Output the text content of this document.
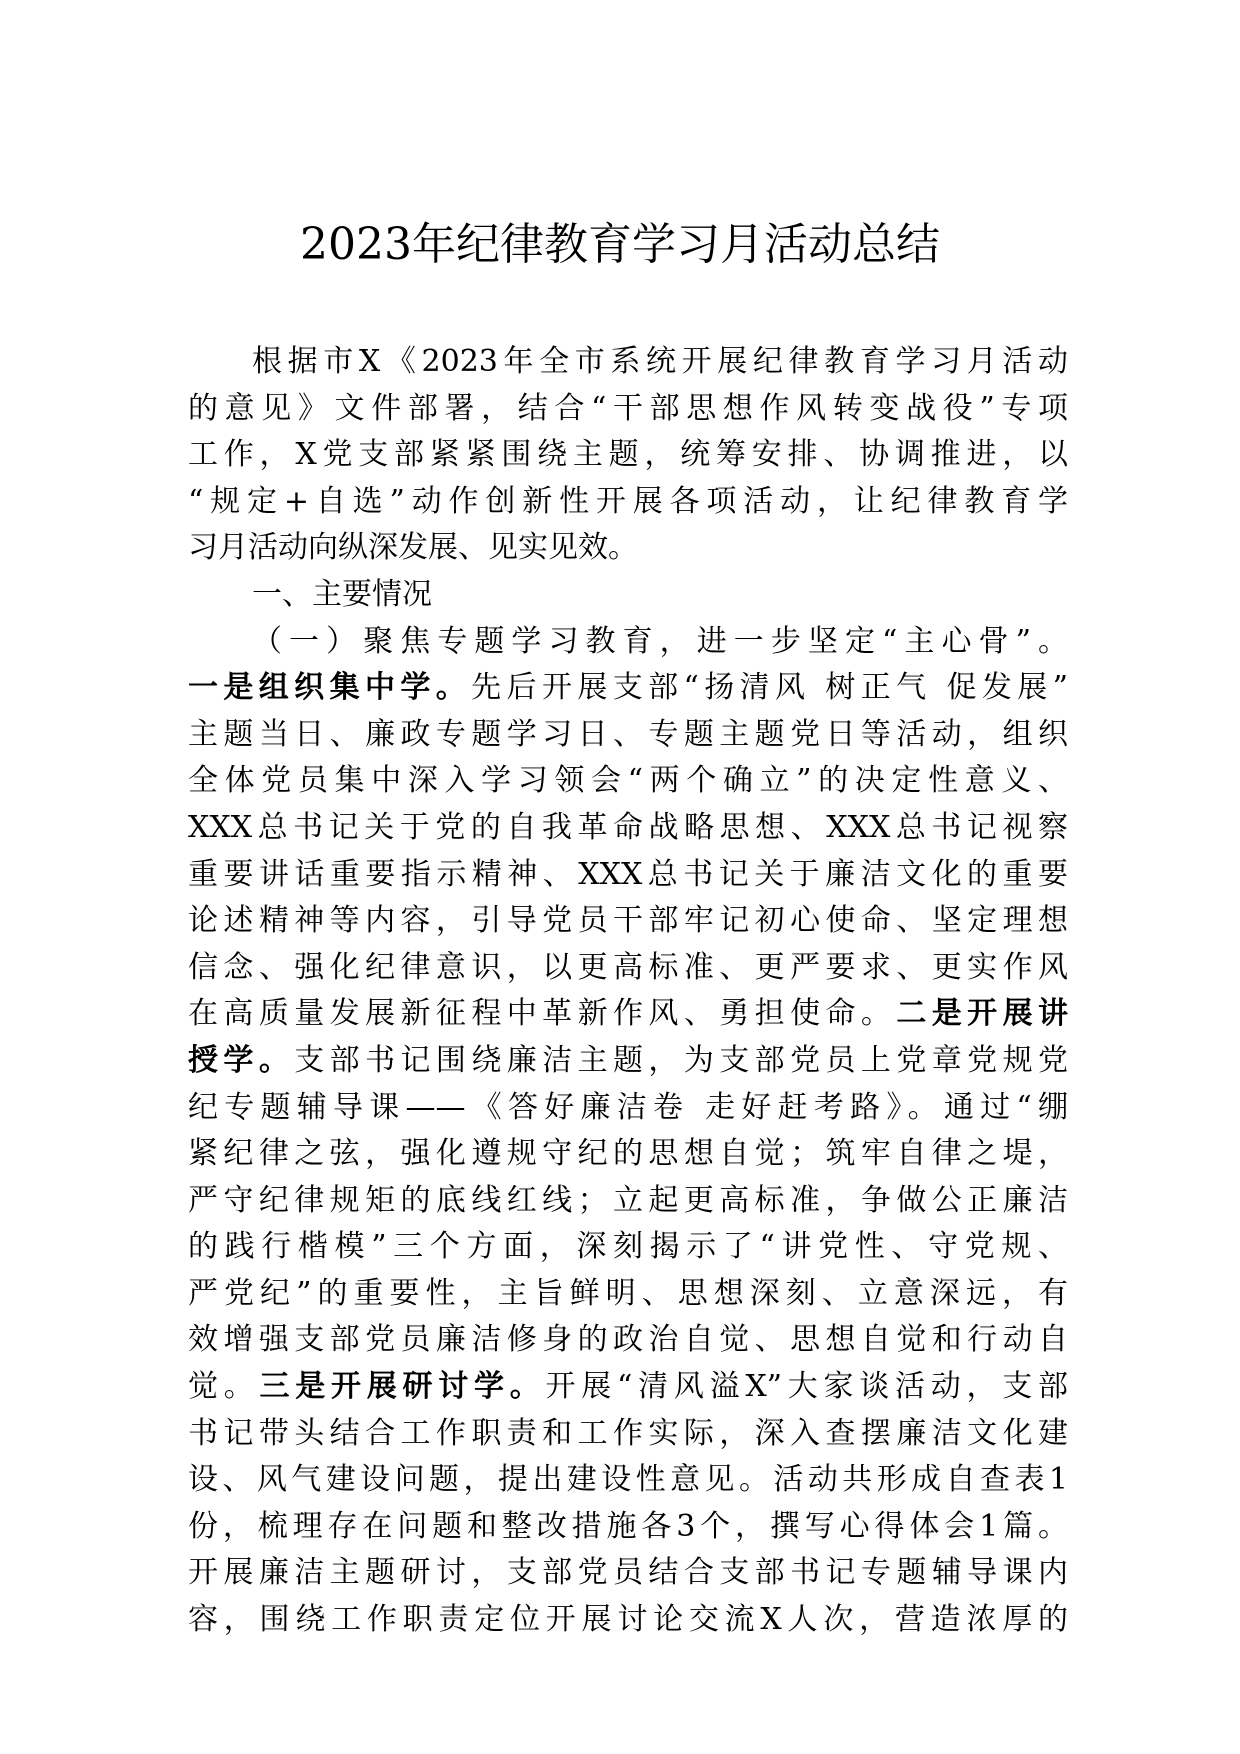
2023年纪律教育学习月活动总结
根据市X《2023年全市系统开展纪律教育学习月活动
的意见》文件部署，结合“干部思想作风转变战役”专项
工作，X党支部紧紧围绕主题，统筹安排、协调推进，以
“规定+自选”动作创新性开展各项活动，让纪律教育学
习月活动向纵深发展、见实见效。
一、主要情况
（一）聚焦专题学习教育，进一步坚定“主心骨”。
一是组织集中学。先后开展支部“扬清风 树正气 促发展”
主题当日、廉政专题学习日、专题主题党日等活动，组织
全体党员集中深入学习领会“两个确立”的决定性意义、
XXX总书记关于党的自我革命战略思想、XXX总书记视察
重要讲话重要指示精神、XXX总书记关于廉洁文化的重要
论述精神等内容，引导党员干部牢记初心使命、坚定理想
信念、强化纪律意识，以更高标准、更严要求、更实作风
在高质量发展新征程中革新作风、勇担使命。二是开展讲
授学。支部书记围绕廉洁主题，为支部党员上党章党规党
纪专题辅导课——《答好廉洁卷 走好赶考路》。通过“绷
紧纪律之弦，强化遵规守纪的思想自觉；筑牢自律之堤，
严守纪律规矩的底线红线；立起更高标准，争做公正廉洁
的践行楷模”三个方面，深刻揭示了“讲党性、守党规、
严党纪”的重要性，主旨鲜明、思想深刻、立意深远，有
效增强支部党员廉洁修身的政治自觉、思想自觉和行动自
觉。三是开展研讨学。开展“清风溢X”大家谈活动，支部
书记带头结合工作职责和工作实际，深入查摆廉洁文化建
设、风气建设问题，提出建设性意见。活动共形成自查表1
份，梳理存在问题和整改措施各3个，撰写心得体会1篇。
开展廉洁主题研讨，支部党员结合支部书记专题辅导课内
容，围绕工作职责定位开展讨论交流X人次，营造浓厚的
